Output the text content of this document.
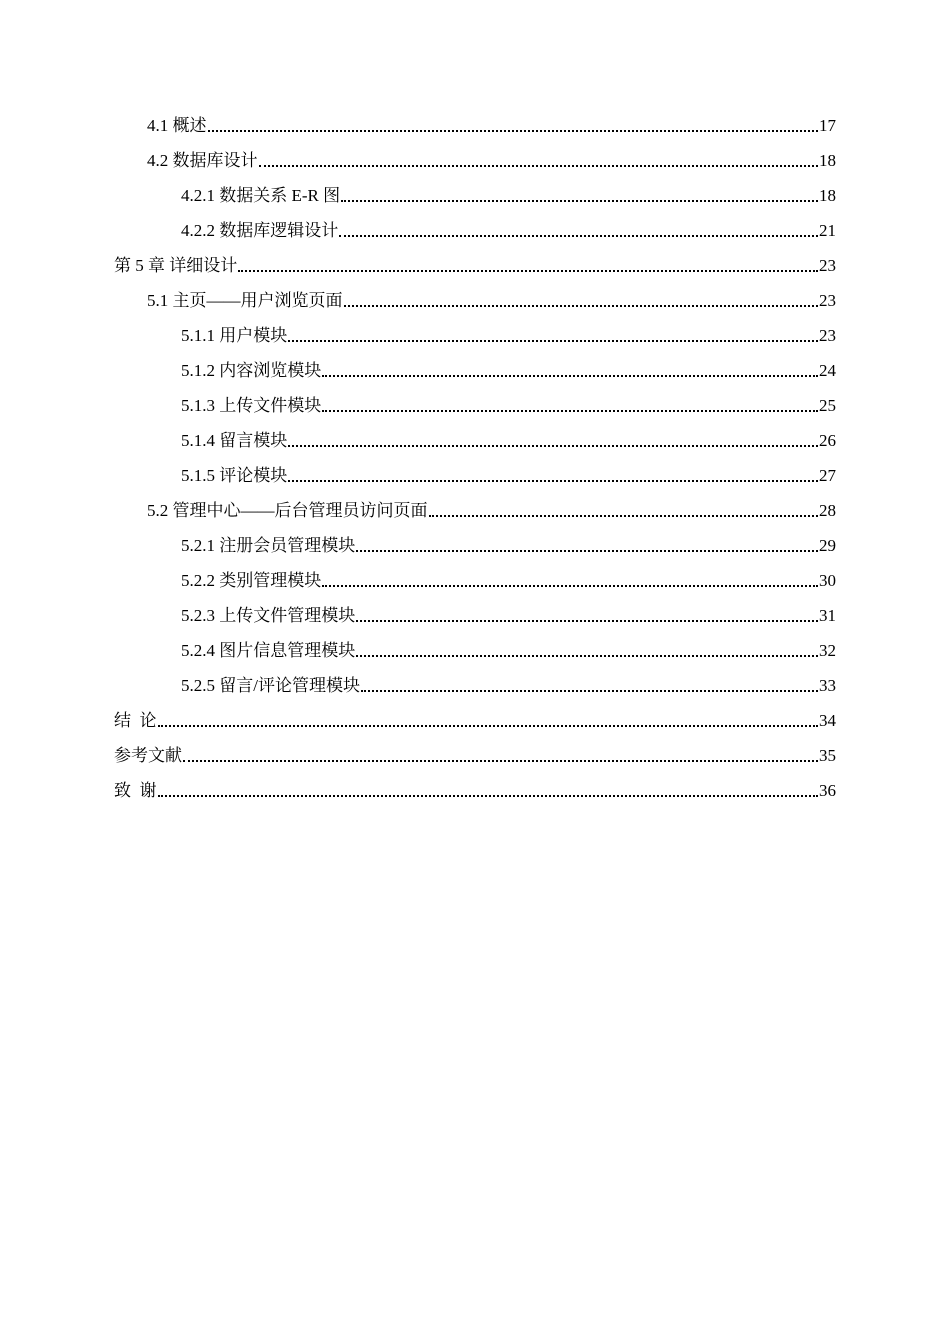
4.1 概述	17
4.2 数据库设计	18
4.2.1 数据关系 E-R 图	18
4.2.2 数据库逻辑设计	21
第 5 章 详细设计	23
5.1 主页——用户浏览页面	23
5.1.1 用户模块	23
5.1.2 内容浏览模块	24
5.1.3 上传文件模块	25
5.1.4 留言模块	26
5.1.5 评论模块	27
5.2 管理中心——后台管理员访问页面	28
5.2.1 注册会员管理模块	29
5.2.2 类别管理模块	30
5.2.3 上传文件管理模块	31
5.2.4 图片信息管理模块	32
5.2.5 留言/评论管理模块	33
结  论	34
参考文献	35
致  谢	36
